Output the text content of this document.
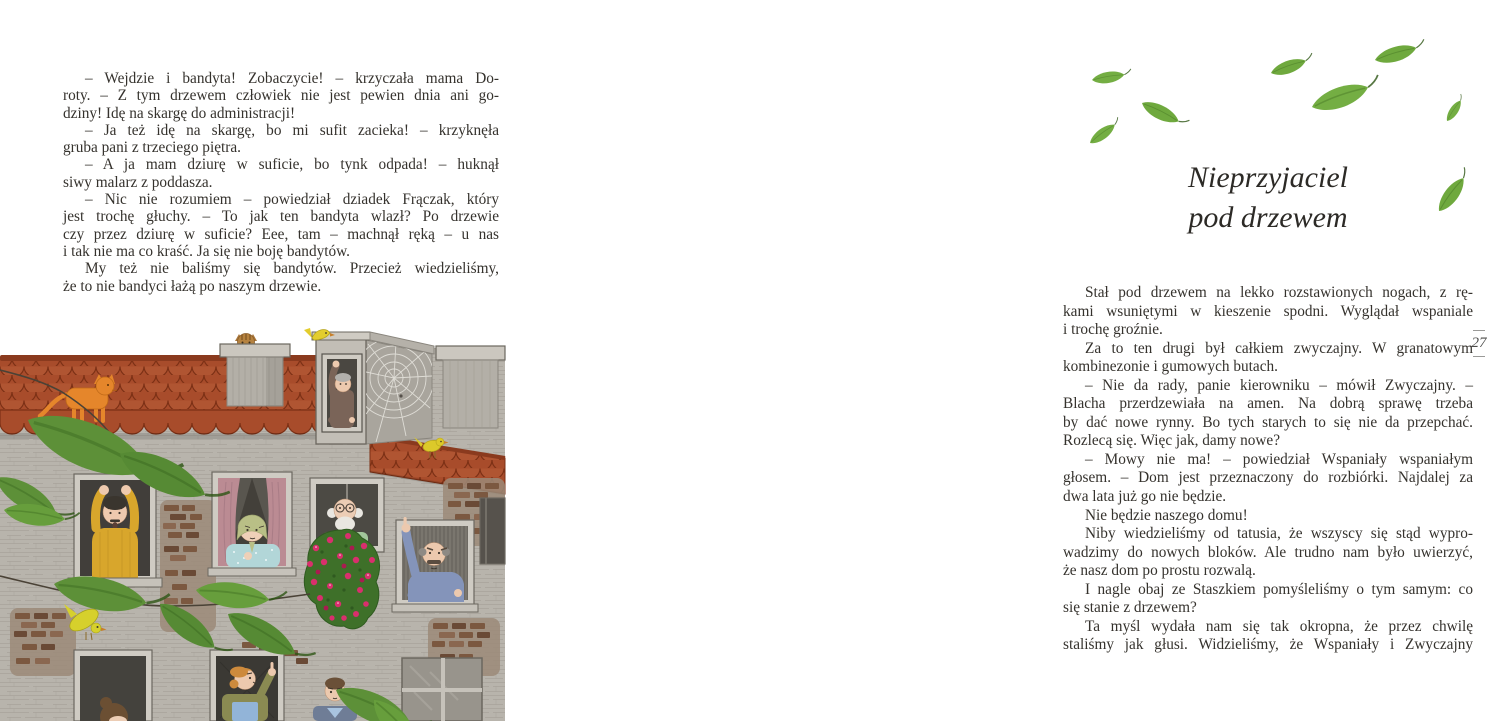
– Wejdzie i bandyta! Zobaczycie! – krzyczała mama Do-
roty. – Z tym drzewem człowiek nie jest pewien dnia ani go-
dziny! Idę na skargę do administracji!
– Ja też idę na skargę, bo mi sufit zacieka! – krzyknęła
gruba pani z trzeciego piętra.
– A ja mam dziurę w suficie, bo tynk odpada! – huknął
siwy malarz z poddasza.
– Nic nie rozumiem – powiedział dziadek Frączak, który
jest trochę głuchy. – To jak ten bandyta wlazł? Po drzewie
czy przez dziurę w suficie? Eee, tam – machnął ręką – u nas
i tak nie ma co kraść. Ja się nie boję bandytów.
My też nie baliśmy się bandytów. Przecież wiedzieliśmy,
że to nie bandyci łażą po naszym drzewie.
Nieprzyjaciel
pod drzewem
Stał pod drzewem na lekko rozstawionych nogach, z rę-
kami wsuniętymi w kieszenie spodni. Wyglądał wspaniale
i trochę groźnie.
Za to ten drugi był całkiem zwyczajny. W granatowym
kombinezonie i gumowych butach.
– Nie da rady, panie kierowniku – mówił Zwyczajny. –
Blacha przerdzewiała na amen. Na dobrą sprawę trzeba
by dać nowe rynny. Bo tych starych to się nie da przepchać.
Rozlecą się. Więc jak, damy nowe?
– Mowy nie ma! – powiedział Wspaniały wspaniałym
głosem. – Dom jest przeznaczony do rozbiórki. Najdalej za
dwa lata już go nie będzie.
Nie będzie naszego domu!
Niby wiedzieliśmy od tatusia, że wszyscy się stąd wypro-
wadzimy do nowych bloków. Ale trudno nam było uwierzyć,
że nasz dom po prostu rozwalą.
I nagle obaj ze Staszkiem pomyśleliśmy o tym samym: co
się stanie z drzewem?
Ta myśl wydała nam się tak okropna, że przez chwilę
staliśmy jak głusi. Widzieliśmy, że Wspaniały i Zwyczajny
27
